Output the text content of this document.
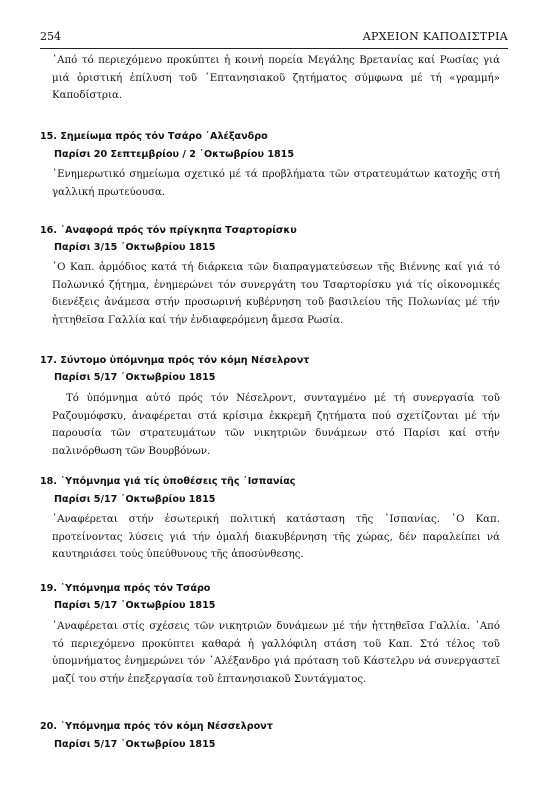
254	ΑΡΧΕΙΟΝ ΚΑΠΟΔΙΣΤΡΙΑ

᾿Από τό περιεχόμενο προκύπτει ἡ κοινή πορεία Μεγάλης Βρετανίας καί Ρωσίας γιά μιά ὁριστική ἐπίλυση τοῦ ῾Επτανησιακοῦ ζητήματος σύμφωνα μέ τή «γραμμή» Καποδίστρια.

15. Σημείωμα πρός τόν Τσάρο ᾿Αλέξανδρο

Παρίσι 20 Σεπτεμβρίου / 2 ᾿Οκτωβρίου 1815

᾿Ενημερωτικό σημείωμα σχετικό μέ τά προβλήματα τῶν στρατευμάτων κατοχῆς στή γαλλική πρωτεύουσα.

16. ᾿Αναφορά πρός τόν πρίγκηπα Τσαρτορίσκυ

Παρίσι 3/15 ᾿Οκτωβρίου 1815

῾Ο Καπ. ἁρμόδιος κατά τή διάρκεια τῶν διαπραγματεύσεων τῆς Βιέννης καί γιά τό Πολωνικό ζήτημα, ἐνημερώνει τόν συνεργάτη του Τσαρτορίσκυ γιά τίς οἰκονομικές διενέξεις ἀνάμεσα στήν προσωρινή κυβέρνηση τοῦ βασιλείου τῆς Πολωνίας μέ τήν ἡττηθεῖσα Γαλλία καί τήν ἐνδιαφερόμενη ἄμεσα Ρωσία.

17. Σύντομο ὑπόμνημα πρός τόν κόμη Νέσελροντ

Παρίσι 5/17 ᾿Οκτωβρίου 1815

Τό ὑπόμνημα αὐτό πρός τόν Νέσελροντ, συνταγμένο μέ τή συνεργασία τοῦ Ραζουμόφσκυ, ἀναφέρεται στά κρίσιμα ἐκκρεμῆ ζητήματα πού σχετίζονται μέ τήν παρουσία τῶν στρατευμάτων τῶν νικητριῶν δυνάμεων στό Παρίσι καί στήν παλινόρθωση τῶν Βουρβόνων.

18. ῾Υπόμνημα γιά τίς ὑποθέσεις τῆς ᾿Ισπανίας

Παρίσι 5/17 ᾿Οκτωβρίου 1815

᾿Αναφέρεται στήν ἐσωτερική πολιτική κατάσταση τῆς ᾿Ισπανίας. ῾Ο Καπ. προτείνοντας λύσεις γιά τήν ὁμαλή διακυβέρνηση τῆς χώρας, δέν παραλείπει νά καυτηριάσει τούς ὑπεύθυνους τῆς ἀποσύνθεσης.

19. ῾Υπόμνημα πρός τόν Τσάρο

Παρίσι 5/17 ᾿Οκτωβρίου 1815

᾿Αναφέρεται στίς σχέσεις τῶν νικητριῶν δυνάμεων μέ τήν ἡττηθεῖσα Γαλλία. ᾿Από τό περιεχόμενο προκύπτει καθαρά ἡ γαλλόφιλη στάση τοῦ Καπ. Στό τέλος τοῦ ὑπομνήματος ἐνημερώνει τόν ᾿Αλέξανδρο γιά πρόταση τοῦ Κάστελρυ νά συνεργαστεῖ μαζί του στήν ἐπεξεργασία τοῦ ἑπτανησιακοῦ Συντάγματος.

20. ῾Υπόμνημα πρός τόν κόμη Νέσσελροντ

Παρίσι 5/17 ᾿Οκτωβρίου 1815
